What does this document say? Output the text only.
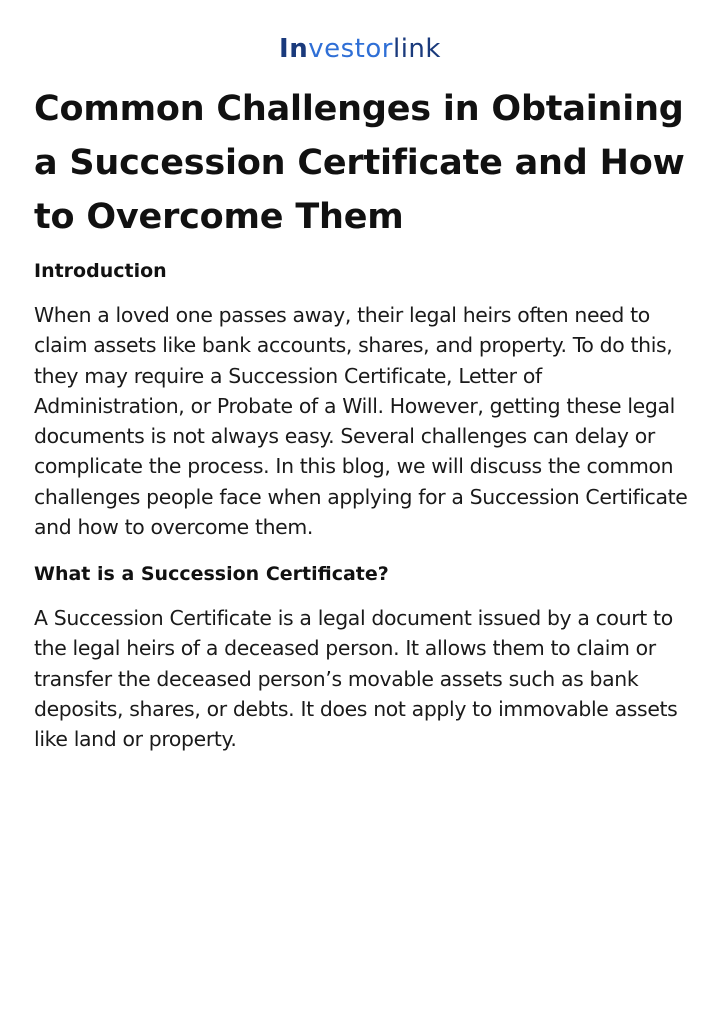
Investorlink
Common Challenges in Obtaining a Succession Certificate and How to Overcome Them
Introduction

When a loved one passes away, their legal heirs often need to claim assets like bank accounts, shares, and property. To do this, they may require a Succession Certificate, Letter of Administration, or Probate of a Will. However, getting these legal documents is not always easy. Several challenges can delay or complicate the process. In this blog, we will discuss the common challenges people face when applying for a Succession Certificate and how to overcome them.

What is a Succession Certificate?

A Succession Certificate is a legal document issued by a court to the legal heirs of a deceased person. It allows them to claim or transfer the deceased person’s movable assets such as bank deposits, shares, or debts. It does not apply to immovable assets like land or property.
